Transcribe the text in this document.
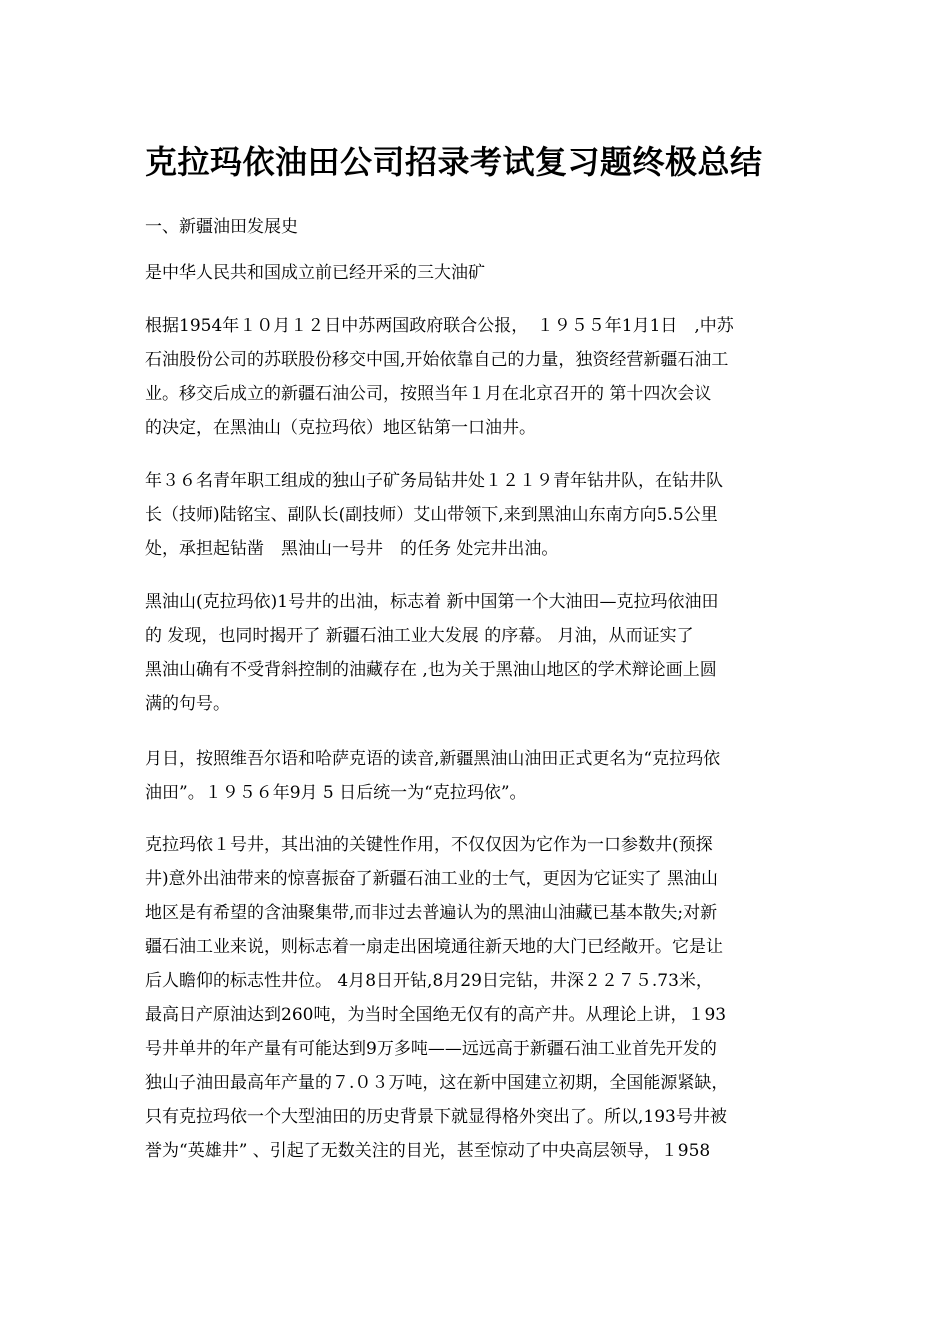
克拉玛依油田公司招录考试复习题终极总结
一、新疆油田发展史

是中华人民共和国成立前已经开采的三大油矿

根据1954年１０月１２日中苏两国政府联合公报，　１９５５年1月1日　,中苏
石油股份公司的苏联股份移交中国,开始依靠自己的力量，独资经营新疆石油工
业。移交后成立的新疆石油公司，按照当年１月在北京召开的 第十四次会议
的决定，在黑油山（克拉玛依）地区钻第一口油井。

年３６名青年职工组成的独山子矿务局钻井处１２１９青年钻井队，在钻井队
长（技师)陆铭宝、副队长(副技师）艾山带领下,来到黑油山东南方向5.5公里
处，承担起钻凿　黑油山一号井　的任务 处完井出油。

黑油山(克拉玛依)1号井的出油，标志着 新中国第一个大油田—克拉玛依油田
的 发现，也同时揭开了 新疆石油工业大发展 的序幕。 月油，从而证实了
黑油山确有不受背斜控制的油藏存在 ,也为关于黑油山地区的学术辩论画上圆
满的句号。

月日，按照维吾尔语和哈萨克语的读音,新疆黑油山油田正式更名为“克拉玛依
油田”。１９５６年9月 5 日后统一为“克拉玛依”。

克拉玛依１号井，其出油的关键性作用，不仅仅因为它作为一口参数井(预探
井)意外出油带来的惊喜振奋了新疆石油工业的士气，更因为它证实了 黑油山
地区是有希望的含油聚集带,而非过去普遍认为的黑油山油藏已基本散失;对新
疆石油工业来说，则标志着一扇走出困境通往新天地的大门已经敞开。它是让
后人瞻仰的标志性井位。 4月8日开钻,8月29日完钻，井深２２７５.73米，
最高日产原油达到260吨，为当时全国绝无仅有的高产井。从理论上讲，１93
号井单井的年产量有可能达到9万多吨——远远高于新疆石油工业首先开发的
独山子油田最高年产量的７.０３万吨，这在新中国建立初期，全国能源紧缺，
只有克拉玛依一个大型油田的历史背景下就显得格外突出了。所以,193号井被
誉为“英雄井” 、引起了无数关注的目光，甚至惊动了中央高层领导，１958
